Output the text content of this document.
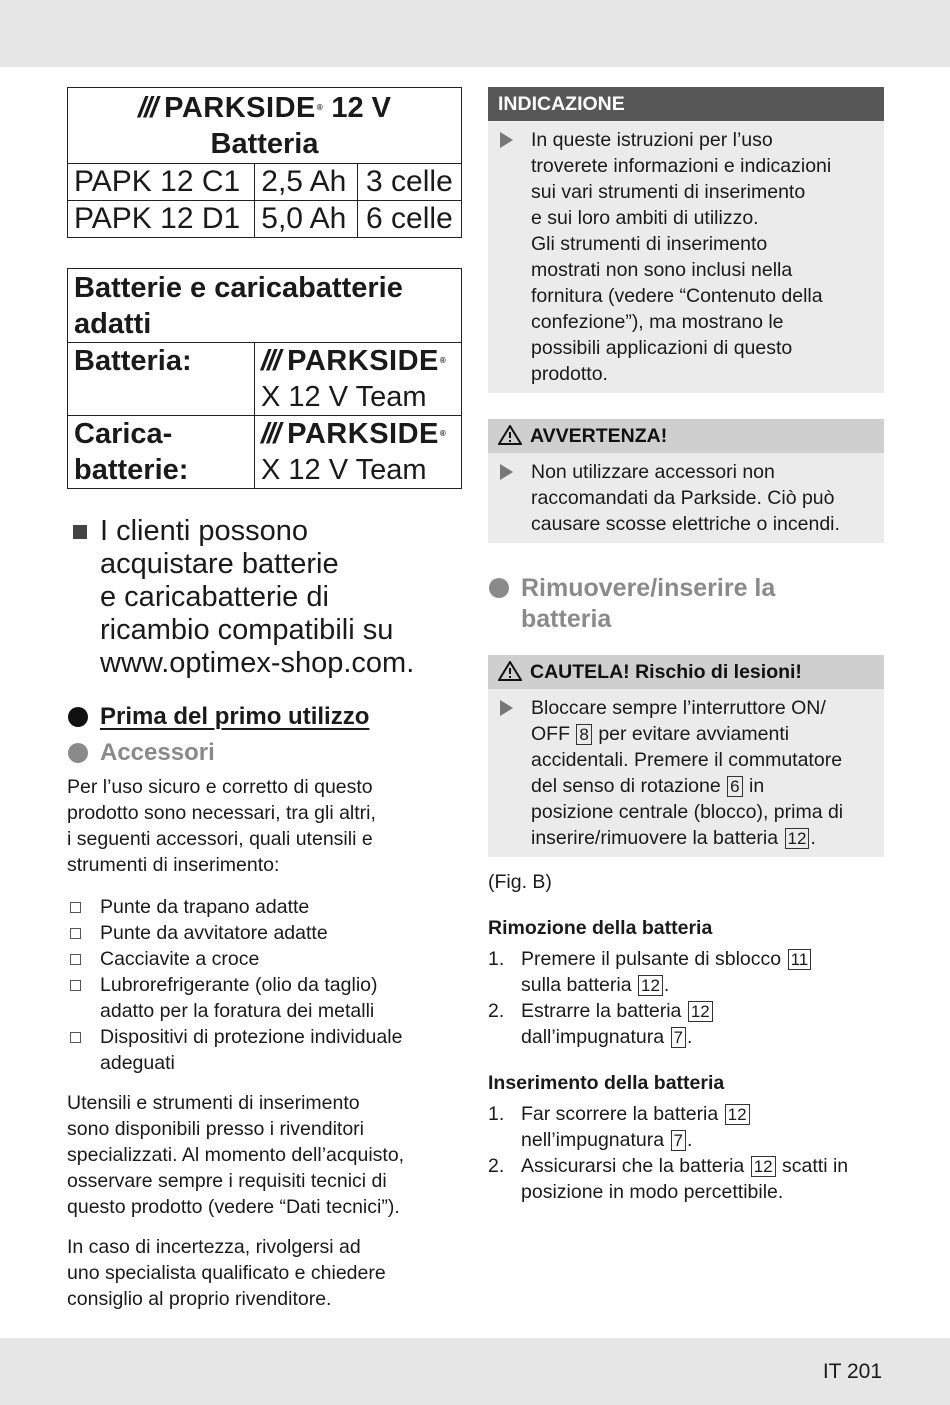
/// PARKSIDE ® 12 V
Batteria		
PAPK 12 C1	2,5 Ah	3 celle
PAPK 12 D1	5,0 Ah	6 celle
Batterie e caricabatterie adatti	
Batteria:	/// PARKSIDE ®

X 12 V Team
Carica-
batterie:	/// PARKSIDE ®

X 12 V Team
I clienti possono
acquistare batterie
e caricabatterie di
ricambio compatibili su
www.optimex-shop.com.
Prima del primo utilizzo
Accessori

Per l’uso sicuro e corretto di questo
prodotto sono necessari, tra gli altri,
i seguenti accessori, quali utensili e
strumenti di inserimento:

Punte da trapano adatte
Punte da avvitatore adatte
Cacciavite a croce
Lubrorefrigerante (olio da taglio)
adatto per la foratura dei metalli
Dispositivi di protezione individuale
adeguati

Utensili e strumenti di inserimento
sono disponibili presso i rivenditori
specializzati. Al momento dell’acquisto,
osservare sempre i requisiti tecnici di
questo prodotto (vedere “Dati tecnici”).

In caso di incertezza, rivolgersi ad
uno specialista qualificato e chiedere
consiglio al proprio rivenditore.

INDICAZIONE
In queste istruzioni per l’uso
troverete informazioni e indicazioni
sui vari strumenti di inserimento
e sui loro ambiti di utilizzo.
Gli strumenti di inserimento
mostrati non sono inclusi nella
fornitura (vedere “Contenuto della
confezione”), ma mostrano le
possibili applicazioni di questo
prodotto.
AVVERTENZA!
Non utilizzare accessori non
raccomandati da Parkside. Ciò può
causare scosse elettriche o incendi.
Rimuovere/inserire la
batteria
CAUTELA! Rischio di lesioni!
Bloccare sempre l’interruttore ON/
OFF 8 per evitare avviamenti
accidentali. Premere il commutatore
del senso di rotazione 6 in
posizione centrale (blocco), prima di
inserire/rimuovere la batteria 12 .
(Fig. B)
Rimozione della batteria
1. Premere il pulsante di sblocco 11
sulla batteria 12 .
2. Estrarre la batteria 12
dall’impugnatura 7 .
Inserimento della batteria
1. Far scorrere la batteria 12
nell’impugnatura 7 .
2. Assicurarsi che la batteria 12 scatti in
posizione in modo percettibile.
IT 201
